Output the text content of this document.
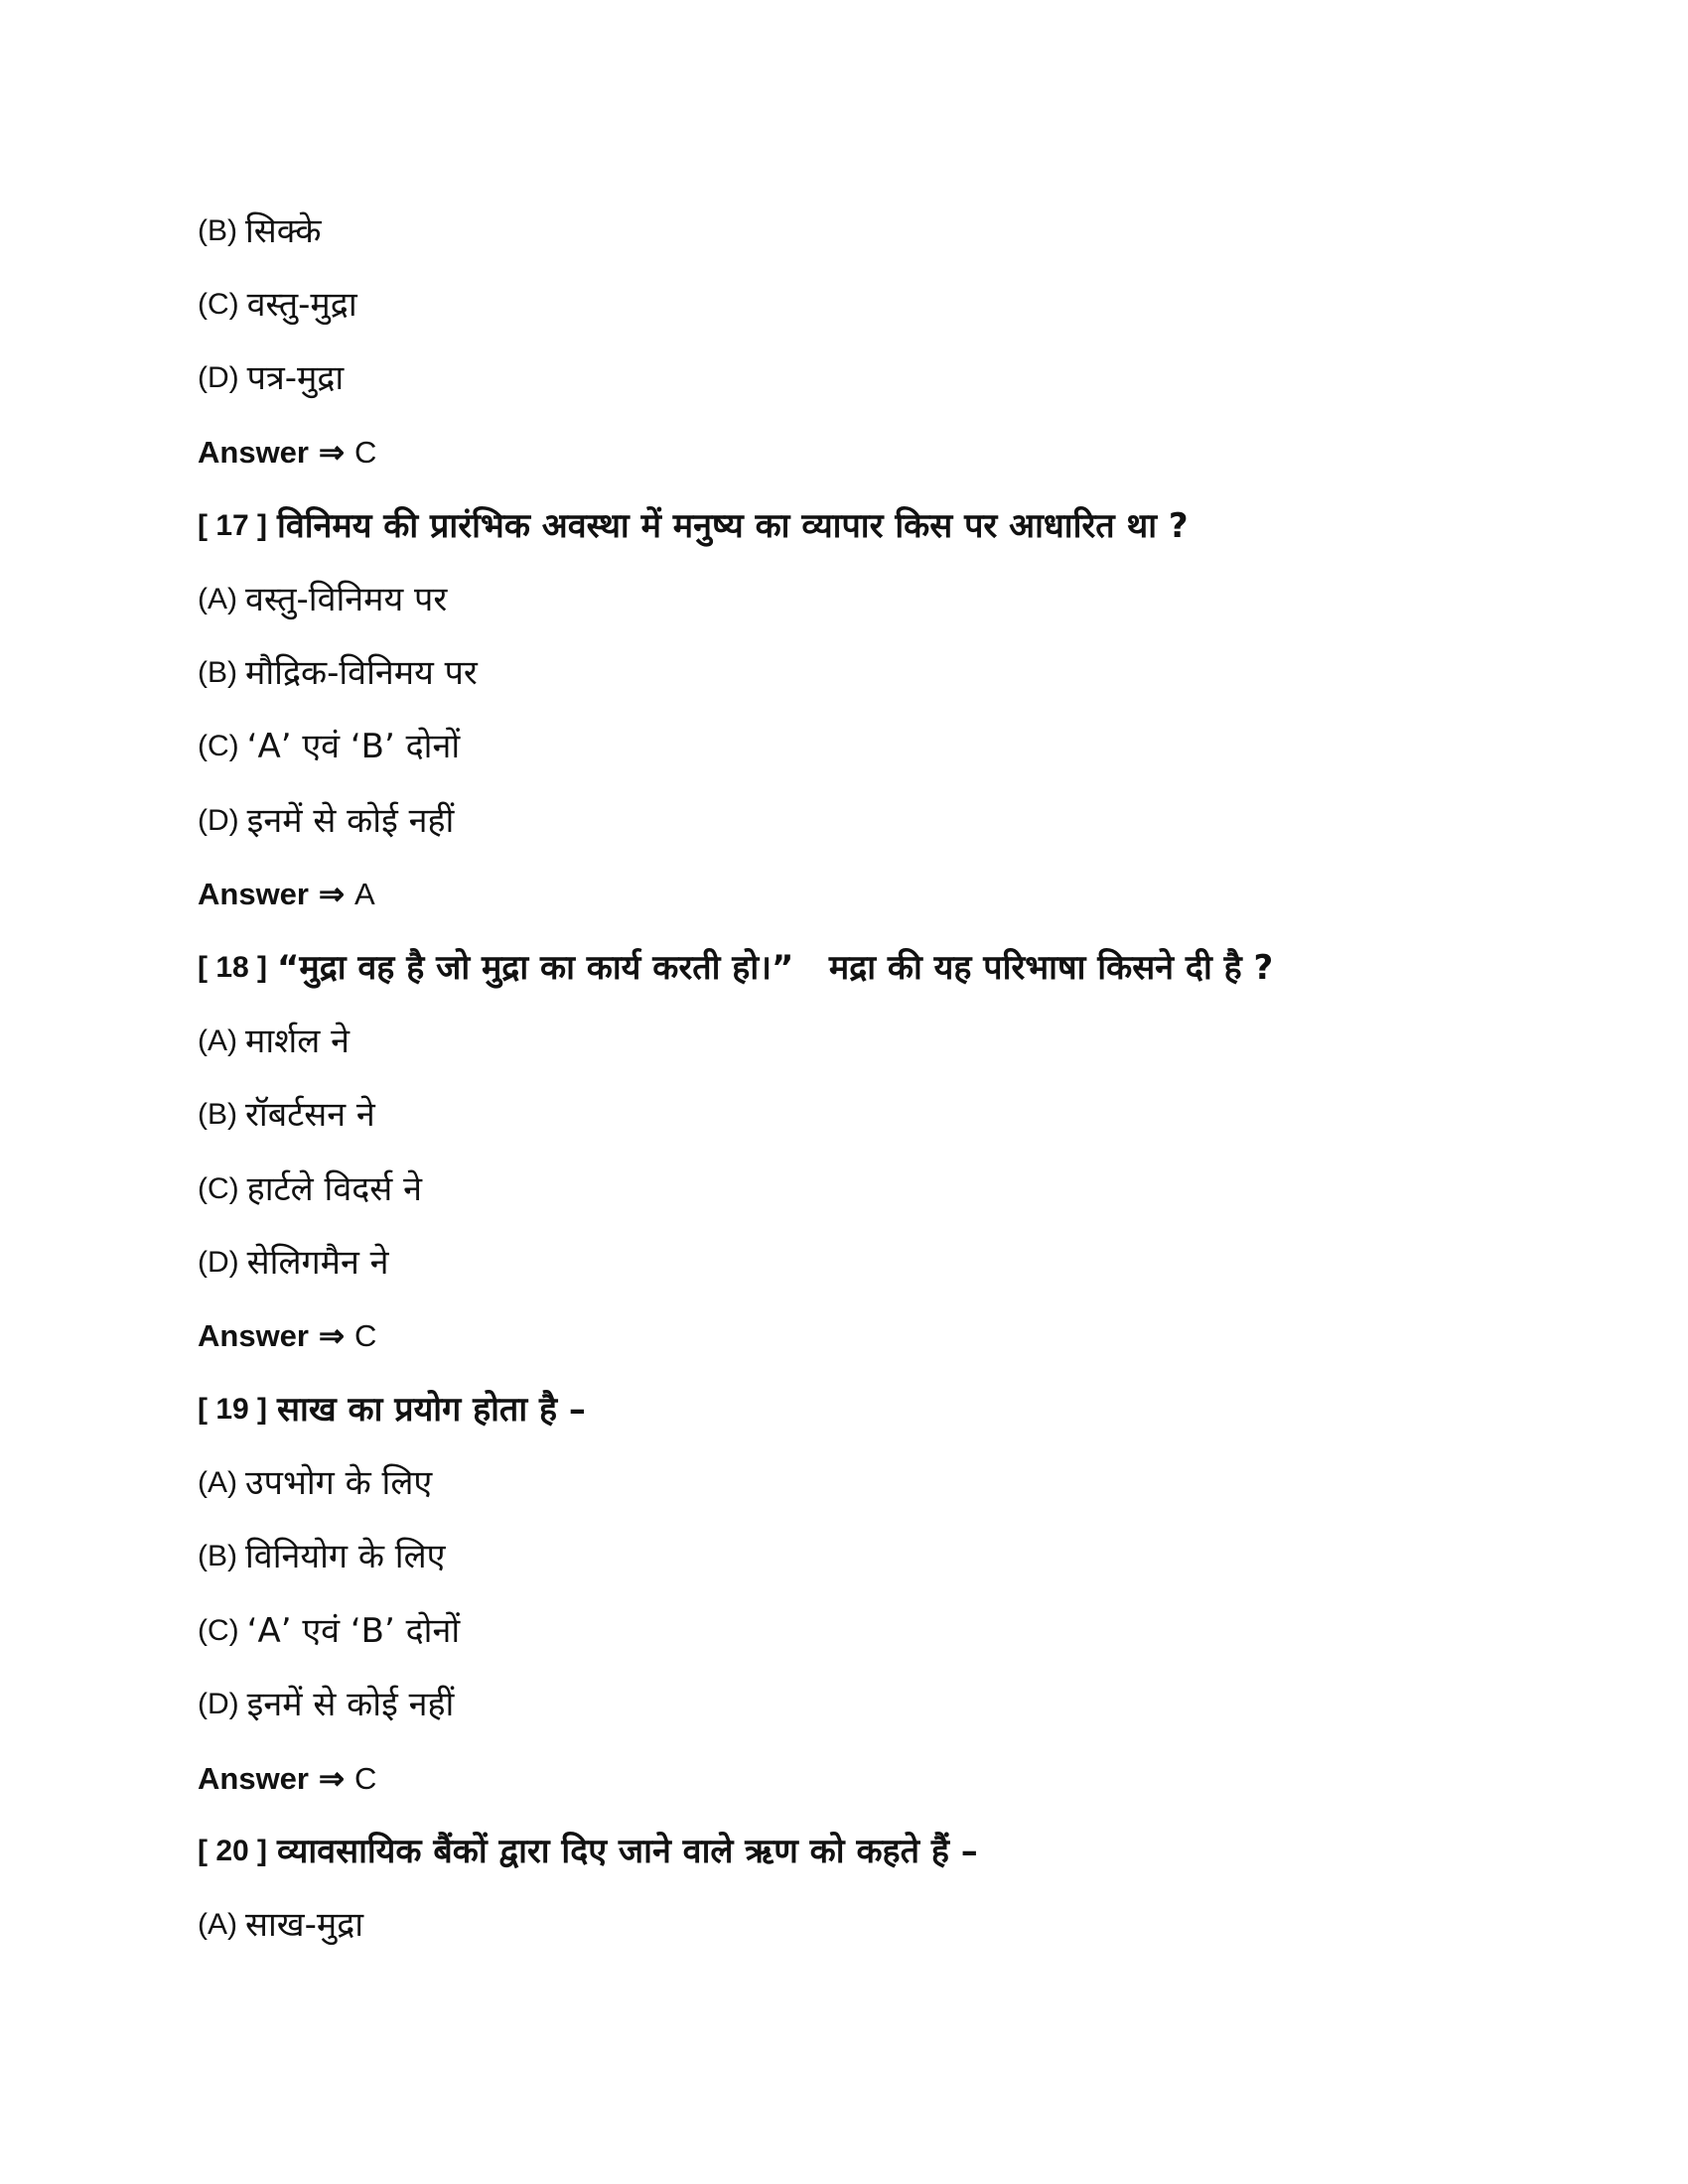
(B) सिक्के
(C) वस्तु-मुद्रा
(D) पत्र-मुद्रा
Answer ⇒ C
[ 17 ] विनिमय की प्रारंभिक अवस्था में मनुष्य का व्यापार किस पर आधारित था ?
(A) वस्तु-विनिमय पर
(B) मौद्रिक-विनिमय पर
(C) ‘A’ एवं ‘B’ दोनों
(D) इनमें से कोई नहीं
Answer ⇒ A
[ 18 ] “मुद्रा वह है जो मुद्रा का कार्य करती हो।”   मद्रा की यह परिभाषा किसने दी है ?
(A) मार्शल ने
(B) रॉबर्टसन ने
(C) हार्टले विदर्स ने
(D) सेलिगमैन ने
Answer ⇒ C
[ 19 ] साख का प्रयोग होता है –
(A) उपभोग के लिए
(B) विनियोग के लिए
(C) ‘A’ एवं ‘B’ दोनों
(D) इनमें से कोई नहीं
Answer ⇒ C
[ 20 ] व्यावसायिक बैंकों द्वारा दिए जाने वाले ऋण को कहते हैं –
(A) साख-मुद्रा
